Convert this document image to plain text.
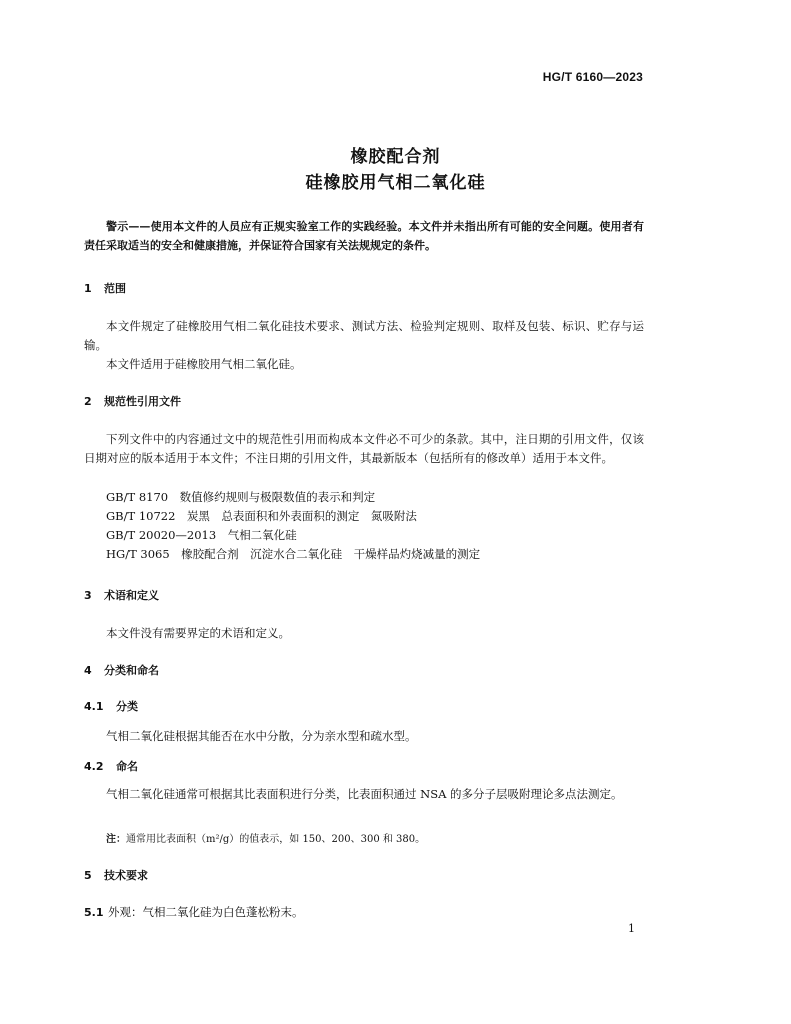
HG/T 6160—2023
橡胶配合剂
硅橡胶用气相二氧化硅
警示——使用本文件的人员应有正规实验室工作的实践经验。本文件并未指出所有可能的安全问题。使用者有责任采取适当的安全和健康措施，并保证符合国家有关法规规定的条件。
1 范围
本文件规定了硅橡胶用气相二氧化硅技术要求、测试方法、检验判定规则、取样及包装、标识、贮存与运输。
本文件适用于硅橡胶用气相二氧化硅。
2 规范性引用文件
下列文件中的内容通过文中的规范性引用而构成本文件必不可少的条款。其中，注日期的引用文件，仅该日期对应的版本适用于本文件；不注日期的引用文件，其最新版本（包括所有的修改单）适用于本文件。
GB/T 8170　数值修约规则与极限数值的表示和判定
GB/T 10722　炭黑　总表面积和外表面积的测定　氮吸附法
GB/T 20020—2013　气相二氧化硅
HG/T 3065　橡胶配合剂　沉淀水合二氧化硅　干燥样品灼烧减量的测定
3 术语和定义
本文件没有需要界定的术语和定义。
4 分类和命名
4.1 分类
气相二氧化硅根据其能否在水中分散，分为亲水型和疏水型。
4.2 命名
气相二氧化硅通常可根据其比表面积进行分类，比表面积通过 NSA 的多分子层吸附理论多点法测定。
注：通常用比表面积（m²/g）的值表示，如 150、200、300 和 380。
5 技术要求
5.1 外观：气相二氧化硅为白色蓬松粉末。
1
